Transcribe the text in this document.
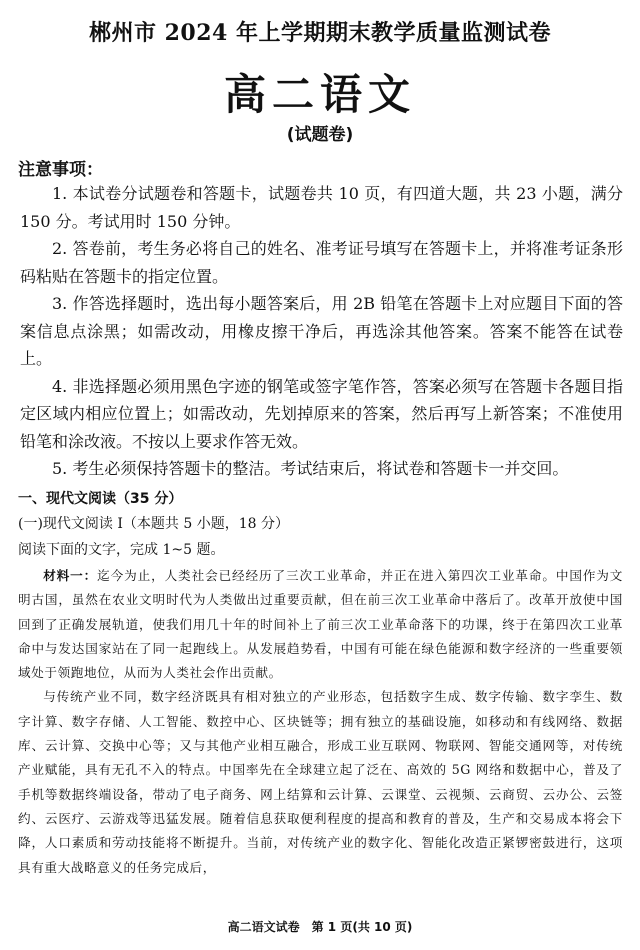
郴州市 2024 年上学期期末教学质量监测试卷
高二语文
(试题卷)
注意事项：

1. 本试卷分试题卷和答题卡，试题卷共 10 页，有四道大题，共 23 小题，满分 150 分。考试用时 150 分钟。

2. 答卷前，考生务必将自己的姓名、准考证号填写在答题卡上，并将准考证条形码粘贴在答题卡的指定位置。

3. 作答选择题时，选出每小题答案后，用 2B 铅笔在答题卡上对应题目下面的答案信息点涂黑；如需改动，用橡皮擦干净后，再选涂其他答案。答案不能答在试卷上。

4. 非选择题必须用黑色字迹的钢笔或签字笔作答，答案必须写在答题卡各题目指定区域内相应位置上；如需改动，先划掉原来的答案，然后再写上新答案；不准使用铅笔和涂改液。不按以上要求作答无效。

5. 考生必须保持答题卡的整洁。考试结束后，将试卷和答题卡一并交回。

一、现代文阅读（35 分）
(一)现代文阅读 I（本题共 5 小题，18 分）
阅读下面的文字，完成 1~5 题。

材料一：迄今为止，人类社会已经经历了三次工业革命，并正在进入第四次工业革命。中国作为文明古国，虽然在农业文明时代为人类做出过重要贡献，但在前三次工业革命中落后了。改革开放使中国回到了正确发展轨道，使我们用几十年的时间补上了前三次工业革命落下的功课，终于在第四次工业革命中与发达国家站在了同一起跑线上。从发展趋势看，中国有可能在绿色能源和数字经济的一些重要领域处于领跑地位，从而为人类社会作出贡献。

与传统产业不同，数字经济既具有相对独立的产业形态，包括数字生成、数字传输、数字孪生、数字计算、数字存储、人工智能、数控中心、区块链等；拥有独立的基础设施，如移动和有线网络、数据库、云计算、交换中心等；又与其他产业相互融合，形成工业互联网、物联网、智能交通网等，对传统产业赋能，具有无孔不入的特点。中国率先在全球建立起了泛在、高效的 5G 网络和数据中心，普及了手机等数据终端设备，带动了电子商务、网上结算和云计算、云课堂、云视频、云商贸、云办公、云签约、云医疗、云游戏等迅猛发展。随着信息获取便利程度的提高和教育的普及，生产和交易成本将会下降，人口素质和劳动技能将不断提升。当前，对传统产业的数字化、智能化改造正紧锣密鼓进行，这项具有重大战略意义的任务完成后，

高二语文试卷　第 1 页(共 10 页)
